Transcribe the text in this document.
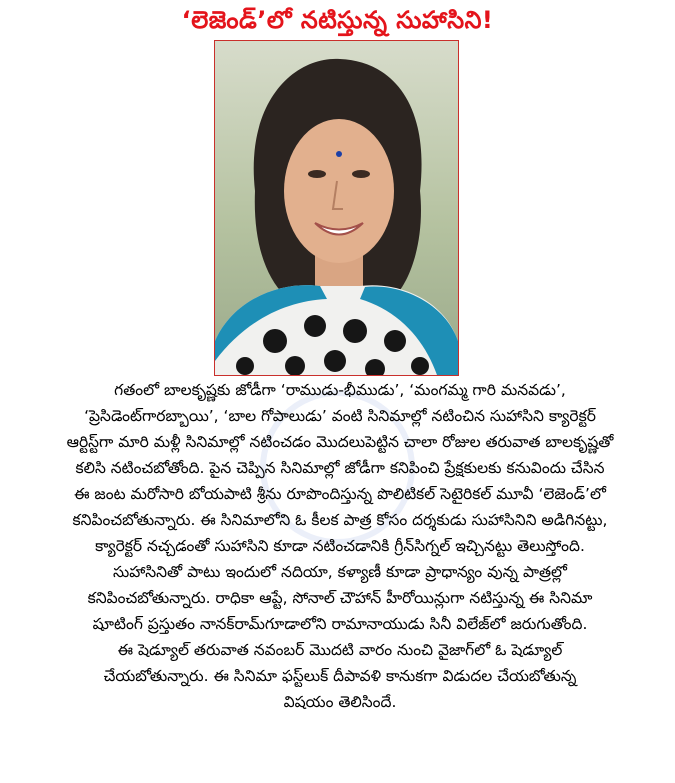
‘లెజెండ్’లో నటిస్తున్న సుహాసిని!

గతంలో బాలకృష్ణకు జోడీగా ‘రాముడు-భీముడు’, ‘మంగమ్మ గారి మనవడు’,

‘ప్రెసిడెంట్‌గారబ్బాయి’, ‘బాల గోపాలుడు’ వంటి సినిమాల్లో నటించిన సుహాసిని క్యారెక్టర్

ఆర్టిస్ట్‌గా మారి మళ్లీ సినిమాల్లో నటించడం మొదలుపెట్టిన చాలా రోజుల తరువాత బాలకృష్ణతో

కలిసి నటించబోతోంది. పైన చెప్పిన సినిమాల్లో జోడీగా కనిపించి ప్రేక్షకులకు కనువిందు చేసిన

ఈ జంట మరోసారి బోయపాటి శ్రీను రూపొందిస్తున్న పొలిటికల్ సెటైరికల్ మూవీ ‘లెజెండ్’లో

కనిపించబోతున్నారు. ఈ సినిమాలోని ఓ కీలక పాత్ర కోసం దర్శకుడు సుహాసినిని అడిగినట్టు,

క్యారెక్టర్ నచ్చడంతో సుహాసిని కూడా నటించడానికి గ్రీన్‌సిగ్నల్ ఇచ్చినట్టు తెలుస్తోంది.

సుహాసినితో పాటు ఇందులో నదియా, కళ్యాణీ కూడా ప్రాధాన్యం వున్న పాత్రల్లో

కనిపించబోతున్నారు. రాధికా ఆప్టే, సోనాల్ చౌహాన్ హీరోయిన్లుగా నటిస్తున్న ఈ సినిమా

షూటింగ్ ప్రస్తుతం నానక్‌రామ్‌గూడాలోని రామానాయుడు సినీ విలేజ్‌లో జరుగుతోంది.

ఈ షెడ్యూల్ తరువాత నవంబర్ మొదటి వారం నుంచి వైజాగ్‌లో ఓ షెడ్యూల్

చేయబోతున్నారు. ఈ సినిమా ఫస్ట్‌లుక్ దీపావళి కానుకగా విడుదల చేయబోతున్న

విషయం తెలిసిందే.
